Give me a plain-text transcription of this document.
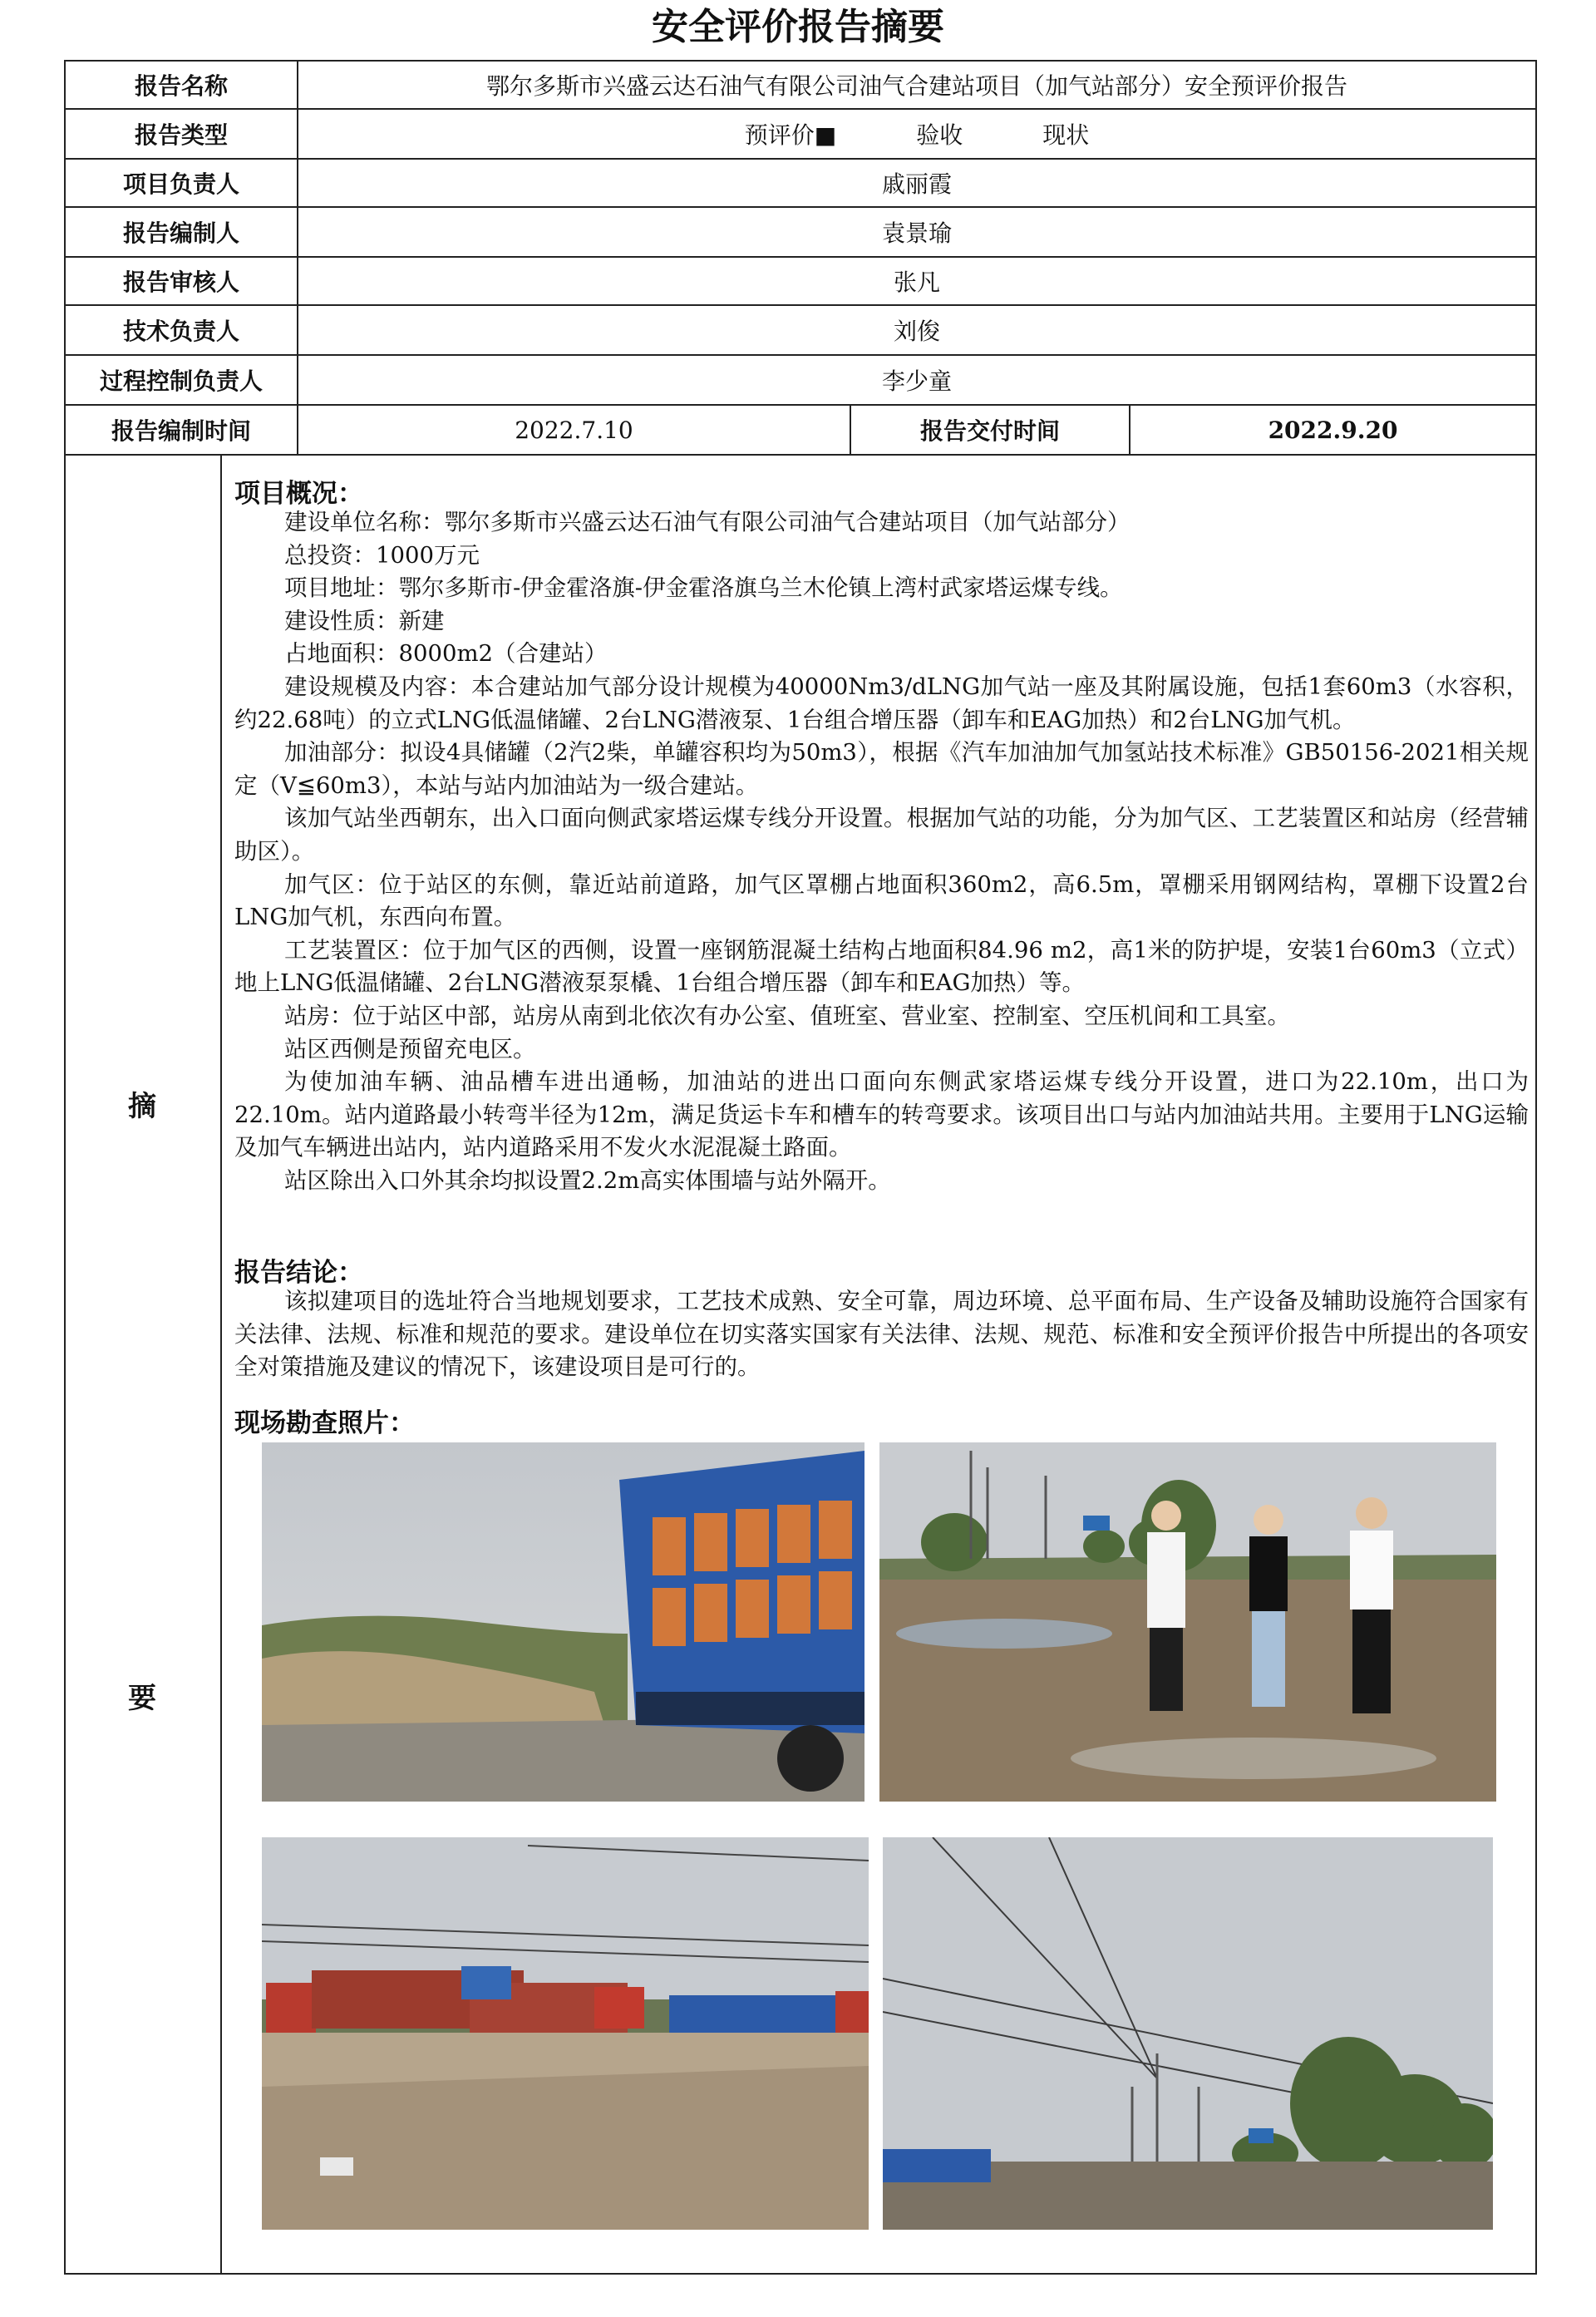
安全评价报告摘要
报告名称	鄂尔多斯市兴盛云达石油气有限公司油气合建站项目（加气站部分）安全预评价报告
报告类型	预评价■	验收	现状
项目负责人	戚丽霞
报告编制人	袁景瑜
报告审核人	张凡
技术负责人	刘俊
过程控制负责人	李少童
报告编制时间	2022.7.10	报告交付时间	2022.9.20
摘
要
项目概况：
建设单位名称：鄂尔多斯市兴盛云达石油气有限公司油气合建站项目（加气站部分）
总投资：1000万元
项目地址：鄂尔多斯市-伊金霍洛旗-伊金霍洛旗乌兰木伦镇上湾村武家塔运煤专线。
建设性质：新建
占地面积：8000m2（合建站）
建设规模及内容：本合建站加气部分设计规模为40000Nm3/dLNG加气站一座及其附属设施，包括1套60m3（水容积，约22.68吨）的立式LNG低温储罐、2台LNG潜液泵、1台组合增压器（卸车和EAG加热）和2台LNG加气机。
加油部分：拟设4具储罐（2汽2柴，单罐容积均为50m3），根据《汽车加油加气加氢站技术标准》GB50156-2021相关规定（V≦60m3），本站与站内加油站为一级合建站。
该加气站坐西朝东，出入口面向侧武家塔运煤专线分开设置。根据加气站的功能，分为加气区、工艺装置区和站房（经营辅助区）。
加气区：位于站区的东侧，靠近站前道路，加气区罩棚占地面积360m2，高6.5m，罩棚采用钢网结构，罩棚下设置2台LNG加气机，东西向布置。
工艺装置区：位于加气区的西侧，设置一座钢筋混凝土结构占地面积84.96 m2，高1米的防护堤，安装1台60m3（立式）地上LNG低温储罐、2台LNG潜液泵泵橇、1台组合增压器（卸车和EAG加热）等。
站房：位于站区中部，站房从南到北依次有办公室、值班室、营业室、控制室、空压机间和工具室。
站区西侧是预留充电区。
为使加油车辆、油品槽车进出通畅，加油站的进出口面向东侧武家塔运煤专线分开设置，进口为22.10m，出口为22.10m。站内道路最小转弯半径为12m，满足货运卡车和槽车的转弯要求。该项目出口与站内加油站共用。主要用于LNG运输及加气车辆进出站内，站内道路采用不发火水泥混凝土路面。
站区除出入口外其余均拟设置2.2m高实体围墙与站外隔开。
报告结论：
该拟建项目的选址符合当地规划要求，工艺技术成熟、安全可靠，周边环境、总平面布局、生产设备及辅助设施符合国家有关法律、法规、标准和规范的要求。建设单位在切实落实国家有关法律、法规、规范、标准和安全预评价报告中所提出的各项安全对策措施及建议的情况下，该建设项目是可行的。
现场勘查照片：
